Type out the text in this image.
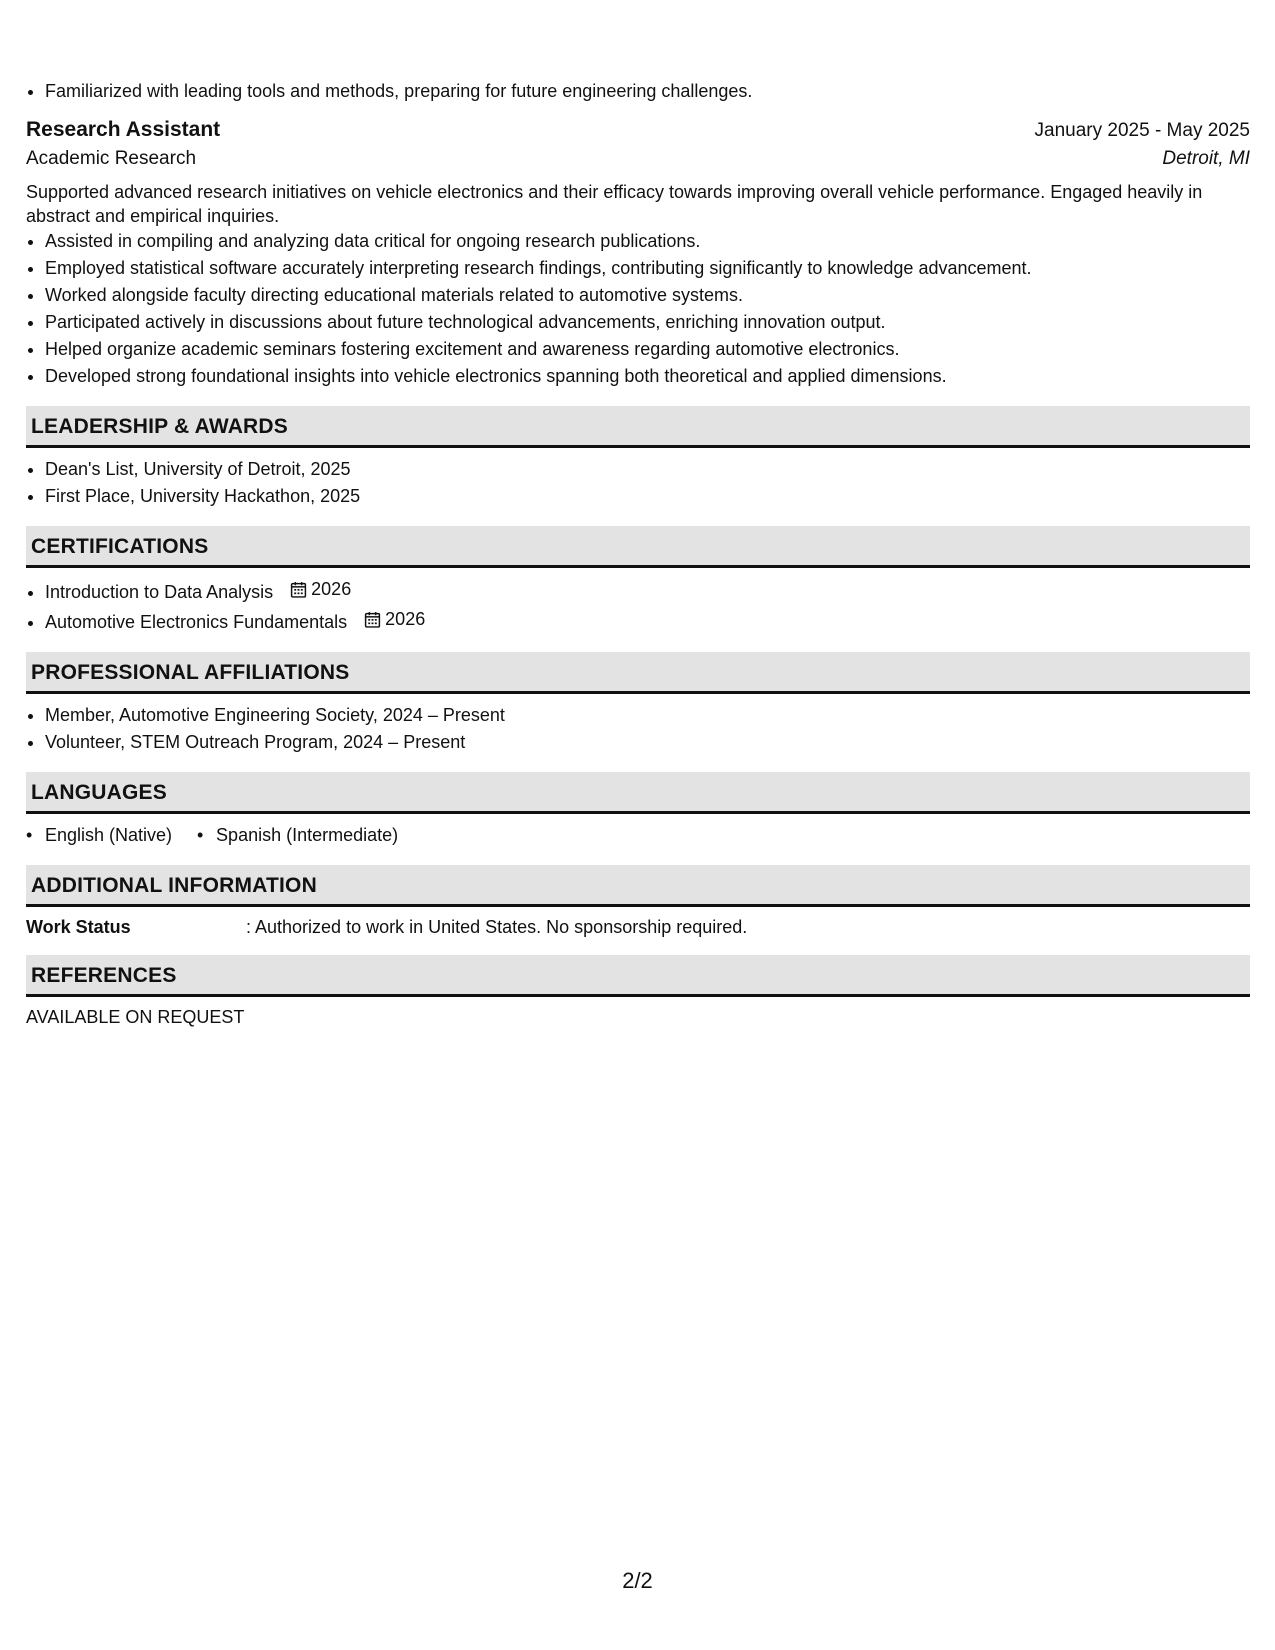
• Familiarized with leading tools and methods, preparing for future engineering challenges.
Research Assistant	January 2025 - May 2025
Academic Research	Detroit, MI
Supported advanced research initiatives on vehicle electronics and their efficacy towards improving overall vehicle performance. Engaged heavily in abstract and empirical inquiries.
• Assisted in compiling and analyzing data critical for ongoing research publications.
• Employed statistical software accurately interpreting research findings, contributing significantly to knowledge advancement.
• Worked alongside faculty directing educational materials related to automotive systems.
• Participated actively in discussions about future technological advancements, enriching innovation output.
• Helped organize academic seminars fostering excitement and awareness regarding automotive electronics.
• Developed strong foundational insights into vehicle electronics spanning both theoretical and applied dimensions.
LEADERSHIP & AWARDS
• Dean's List, University of Detroit, 2025
• First Place, University Hackathon, 2025
CERTIFICATIONS
• Introduction to Data Analysis 2026
• Automotive Electronics Fundamentals 2026
PROFESSIONAL AFFILIATIONS
• Member, Automotive Engineering Society, 2024 – Present
• Volunteer, STEM Outreach Program, 2024 – Present
LANGUAGES
• English (Native)
•	Spanish (Intermediate)
ADDITIONAL INFORMATION
Work Status	: Authorized to work in United States. No sponsorship required.
REFERENCES
AVAILABLE ON REQUEST
2/2
